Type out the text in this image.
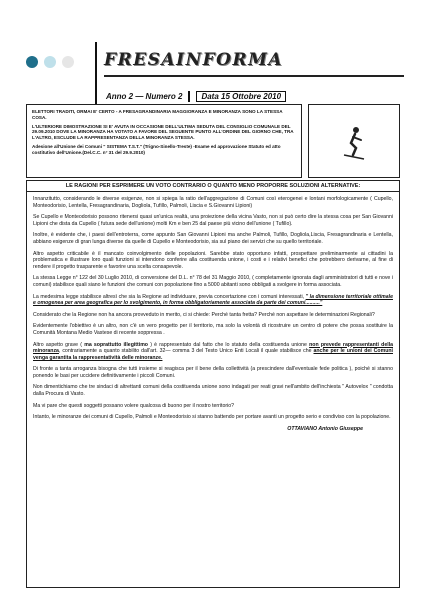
FRESAINFORMA
Anno 2 — Numero 2	Data 15 Ottobre 2010

ELETTORI TRADITI, ORMAI E' CERTO - A FRESAGRANDINARIA MAGGIORANZA E MINORANZA SONO LA STESSA COSA.

L'ULTERIORE DIMOSTRAZIONE SI E' AVUTA IN OCCASIONE DELL'ULTIMA SEDUTA DEL CONSIGLIO COMUNALE DEL 29.09.2010 DOVE LA MINORANZA HA VOTATO A FAVORE DEL SEGUENTE PUNTO ALL'ORDINE DEL GIORNO CHE, TRA L'ALTRO, ESCLUDE LA RAPPRESENTANZA DELLA MINORANZA STESSA.

Adesione all'Unione dei Comuni " SISTEMA T.S.T." (Trigno-Sinello-Treste) -Esame ed approvazione Statuto ed atto costitutivo dell'Unione.(Del.C.C. n° 31 del 29.9.2010)

LE RAGIONI PER ESPRIMERE UN VOTO CONTRARIO O QUANTO MENO PROPORRE SOLUZIONI ALTERNATIVE:

Innanzitutto, considerando le diverse esigenze, non si spiega la ratio dell'aggregazione di Comuni così eterogenei e lontani morfologicamente ( Cupello, Monteodorisio, Lentella, Fresagrandinaria, Dogliola, Tufillo, Palmoli, Liscia e S.Giovanni Lipioni)

Se Cupello e Monteodorisio possono ritenersi quasi un'unica realtà, una proiezione della vicina Vasto, non si può certo dire la stessa cosa per San Giovanni Lipioni che dista da Cupello ( futura sede dell'unione) molti Km e ben 25 dal paese più vicino dell'unione ( Tufillo).

Inoltre, è evidente che, i paesi dell'entroterra, come appunto San Giovanni Lipioni ma anche Palmoli, Tufillo, Dogliola,Liscia, Fresagrandinaria e Lentella, abbiano esigenze di gran lunga diverse da quelle di Cupello e Monteodorisio, sia sul piano dei servizi che su quello territoriale.

Altro aspetto criticabile è il mancato coinvolgimento delle popolazioni. Sarebbe stato opportuno infatti, prospettare preliminarmente ai cittadini la problematica e illustrare loro quali funzioni si intendono conferire alla costituenda unione, i costi e i relativi benefici che potrebbero derivarne, al fine di rendere il progetto trasparente e favorire una scelta consapevole.

La stessa Legge n° 122 del 30 Luglio 2010, di conversione del D.L. n° 78 del 31 Maggio 2010, ( completamente ignorata dagli amministratori di tutti e nove i comuni) stabilisce quali siano le funzioni che comuni con popolazione fino a 5000 abitanti sono obbligati a svolgere in forma associata.

La medesima legge stabilisce altresì che sia la Regione ad individuare, previa concertazione con i comuni interessati, " la dimensione territoriale ottimale e omogenea per area geografica per lo svolgimento, in forma obbligatoriamente associata da parte dei comuni.........."

Consideratо che la Regione non ha ancora provveduto in merito, ci si chiede: Perché tanta fretta? Perché non aspettare le determinazioni Regionali?

Evidentemente l'obiettivo è un altro, non c'è un vero progetto per il territorio, ma solo la volontà di ricostruire un centro di potere che possa sostituire la Comunità Montana Medio Vastese di recente soppressa .

Altro aspetto grave ( ma soprattutto illegittimo ) è rappresentato dal fatto che lo statuto della costituenda unione non prevede rappresentanti della minoranza, contrariamente a quanto stabilito dall'art. 32— comma 3 del Testo Unico Enti Locali il quale stabilisce che anche per le unioni dei Comuni venga garantita la rappresentatività delle minoranze.

Di fronte a tanta arroganza bisogna che tutti insieme si reagisca per il bene della collettività (a prescindere dall'eventuale fede politica ), poiché si stanno ponendo le basi per uccidere definitivamente i piccoli Comuni.

Non dimentichiamo che tre sindaci di altrettanti comuni della costituenda unione sono indagati per reati gravi nell'ambito dell'inchiesta " Autovelox " condotta dalla Procura di Vasto.

Ma vi pare che questi soggetti possano volere qualcosa di buono per il nostro territorio?

Intanto, le minoranze dei comuni di Cupello, Palmoli e Monteodorisio si stanno battendo per portare avanti un progetto serio e condiviso con la popolazione.

OTTAVIANO Antonio Giuseppe
